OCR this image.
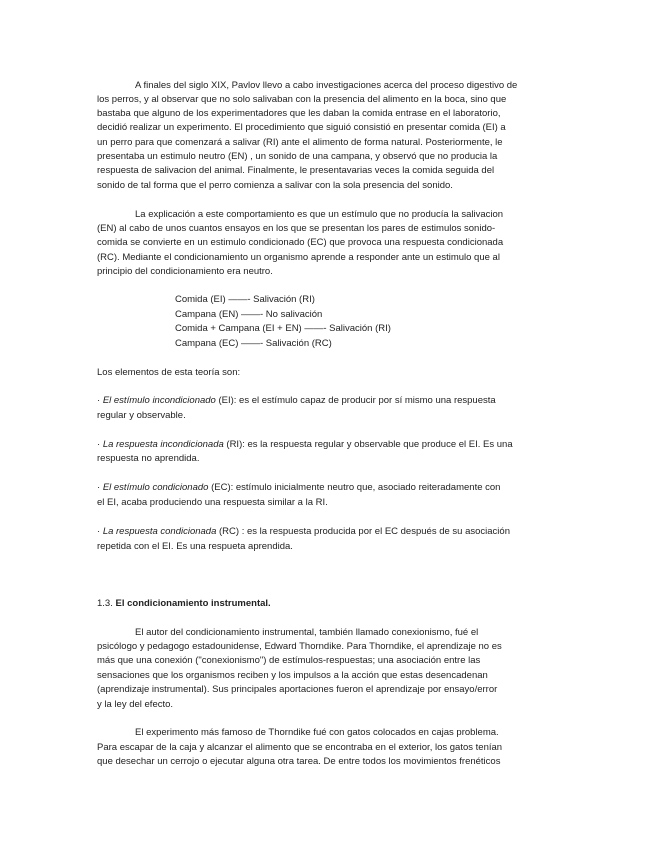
A finales del siglo XIX, Pavlov llevo a cabo investigaciones acerca del proceso digestivo de
los perros, y al observar que no solo salivaban con la presencia del alimento en la boca, sino que
bastaba que alguno de los experimentadores que les daban la comida entrase en el laboratorio,
decidió realizar un experimento. El procedimiento que siguió consistió en presentar comida (EI) a
un perro para que comenzará a salivar (RI) ante el alimento de forma natural. Posteriormente, le
presentaba un estimulo neutro (EN) , un sonido de una campana, y observó que no producia la
respuesta de salivacion del animal. Finalmente, le presentavarias veces la comida seguida del
sonido de tal forma que el perro comienza a salivar con la sola presencia del sonido.
La explicación a este comportamiento es que un estímulo que no producía la salivacion
(EN) al cabo de unos cuantos ensayos en los que se presentan los pares de estimulos sonido-
comida se convierte en un estimulo condicionado (EC) que provoca una respuesta condicionada
(RC). Mediante el condicionamiento un organismo aprende a responder ante un estimulo que al
principio del condicionamiento era neutro.
Comida (EI) ——- Salivación (RI)
Campana (EN) ——- No salivación
Comida + Campana (EI + EN) ——- Salivación (RI)
Campana (EC) ——- Salivación (RC)
Los elementos de esta teoría son:
· El estímulo incondicionado (EI): es el estímulo capaz de producir por sí mismo una respuesta
regular y observable.
· La respuesta incondicionada (RI): es la respuesta regular y observable que produce el EI. Es una
respuesta no aprendida.
· El estímulo condicionado (EC): estímulo inicialmente neutro que, asociado reiteradamente con
el EI, acaba produciendo una respuesta similar a la RI.
· La respuesta condicionada (RC) : es la respuesta producida por el EC después de su asociación
repetida con el EI. Es una respueta aprendida.
1.3. El condicionamiento instrumental.
El autor del condicionamiento instrumental, también llamado conexionismo, fué el
psicólogo y pedagogo estadounidense, Edward Thorndike. Para Thorndike, el aprendizaje no es
más que una conexión ("conexionismo") de estímulos-respuestas; una asociación entre las
sensaciones que los organismos reciben y los impulsos a la acción que estas desencadenan
(aprendizaje instrumental). Sus principales aportaciones fueron el aprendizaje por ensayo/error
y la ley del efecto.
El experimento más famoso de Thorndike fué con gatos colocados en cajas problema.
Para escapar de la caja y alcanzar el alimento que se encontraba en el exterior, los gatos tenían
que desechar un cerrojo o ejecutar alguna otra tarea. De entre todos los movimientos frenéticos
